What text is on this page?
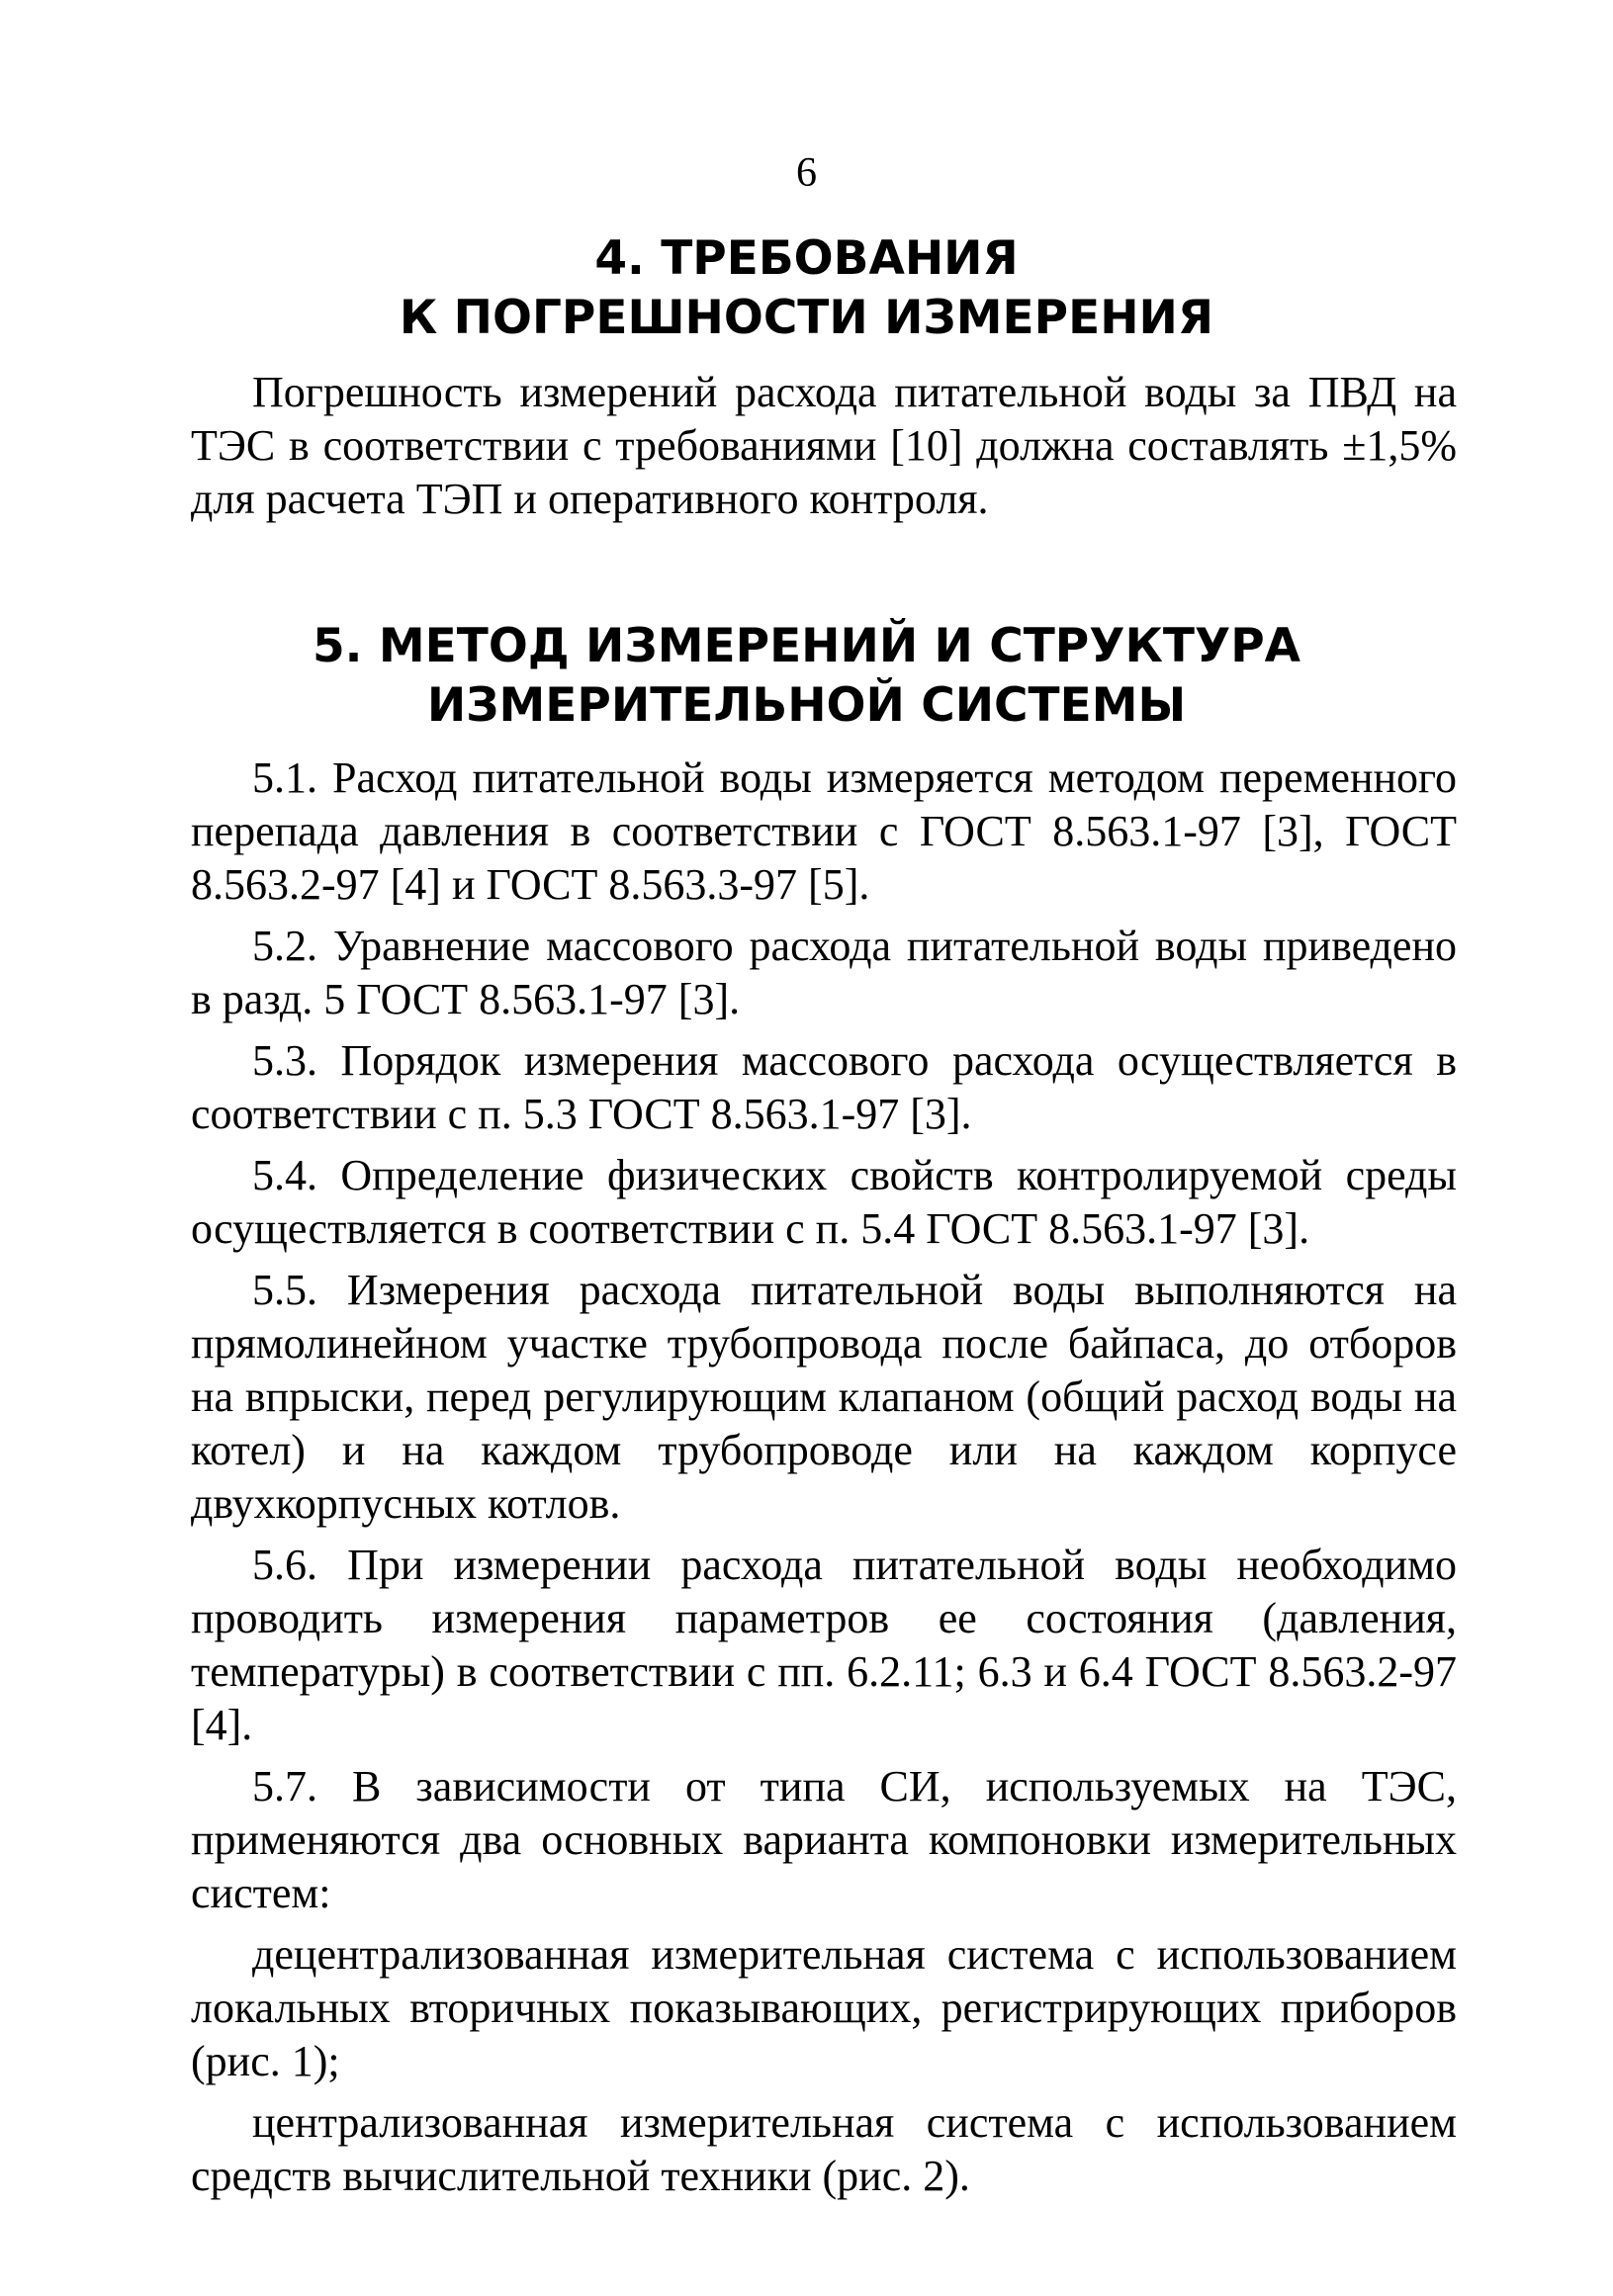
6
4. ТРЕБОВАНИЯ
К ПОГРЕШНОСТИ ИЗМЕРЕНИЯ

Погрешность измерений расхода питательной воды за ПВД на ТЭС в соответствии с требованиями [10] должна составлять ±1,5% для расчета ТЭП и оперативного контроля.

5. МЕТОД ИЗМЕРЕНИЙ И СТРУКТУРА
ИЗМЕРИТЕЛЬНОЙ СИСТЕМЫ

5.1. Расход питательной воды измеряется методом переменного перепада давления в соответствии с ГОСТ 8.563.1-97 [3], ГОСТ 8.563.2-97 [4] и ГОСТ 8.563.3-97 [5].

5.2. Уравнение массового расхода питательной воды приведено в разд. 5 ГОСТ 8.563.1-97 [3].

5.3. Порядок измерения массового расхода осуществляется в соответствии с п. 5.3 ГОСТ 8.563.1-97 [3].

5.4. Определение физических свойств контролируемой среды осуществляется в соответствии с п. 5.4 ГОСТ 8.563.1-97 [3].

5.5. Измерения расхода питательной воды выполняются на прямолинейном участке трубопровода после байпаса, до отборов на впрыски, перед регулирующим клапаном (общий расход воды на котел) и на каждом трубопроводе или на каждом корпусе двухкорпусных котлов.

5.6. При измерении расхода питательной воды необходимо проводить измерения параметров ее состояния (давления, температуры) в соответствии с пп. 6.2.11; 6.3 и 6.4 ГОСТ 8.563.2-97 [4].

5.7. В зависимости от типа СИ, используемых на ТЭС, применяются два основных варианта компоновки измерительных систем:

децентрализованная измерительная система с использованием локальных вторичных показывающих, регистрирующих приборов (рис. 1);

централизованная измерительная система с использованием средств вычислительной техники (рис. 2).
